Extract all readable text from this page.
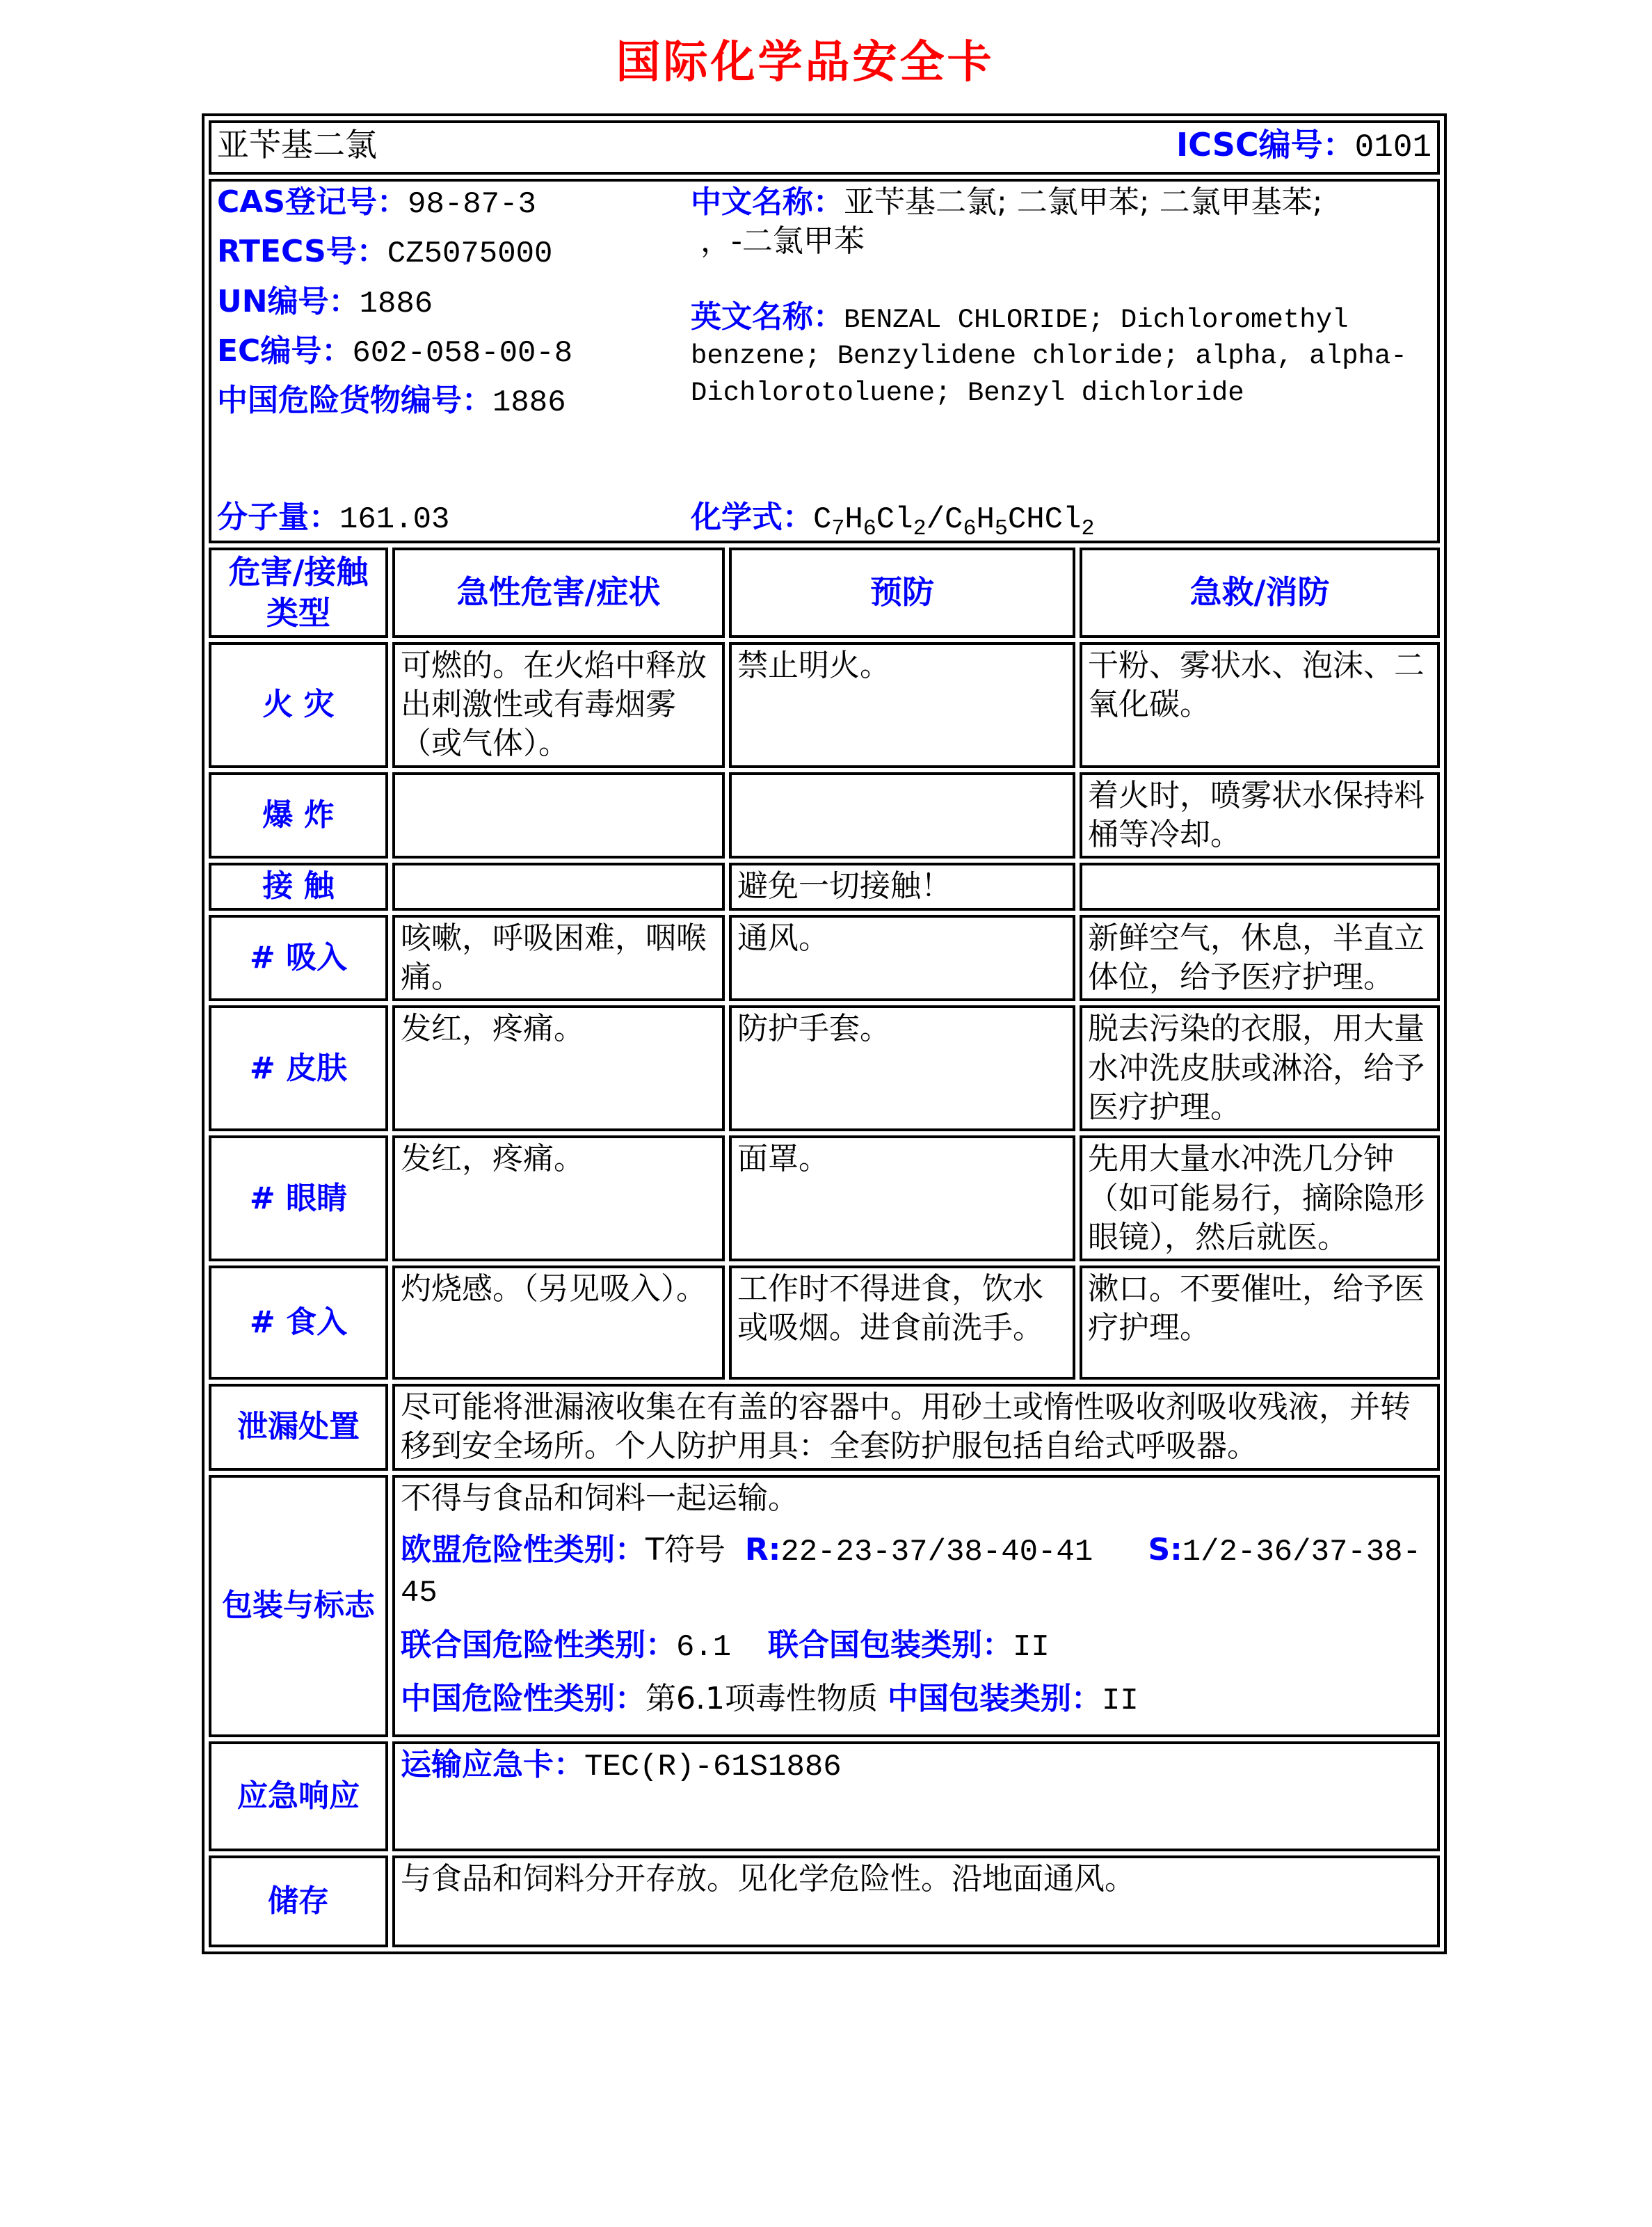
国际化学品安全卡
亚苄基二氯 ICSC编号：0101			

CAS登记号：98-87-3
RTECS号：CZ5075000
UN编号：1886
EC编号：602-058-00-8
中国危险货物编号：1886
分子量：161.03
中文名称：亚苄基二氯; 二氯甲苯; 二氯甲基苯;
，-二氯甲苯
英文名称：BENZAL CHLORIDE; Dichloromethyl
benzene; Benzylidene chloride; alpha, alpha-
Dichlorotoluene; Benzyl dichloride
化学式：$C_7H_6Cl_2/C_6H_5CHCl_2$

危害/接触
类型	急性危害/症状	预防	急救/消防
火 灾	可燃的。在火焰中释放出刺激性或有毒烟雾（或气体）。	禁止明火。	干粉、雾状水、泡沫、二氧化碳。
爆 炸			着火时，喷雾状水保持料桶等冷却。
接 触		避免一切接触！	
# 吸入	咳嗽，呼吸困难，咽喉痛。	通风。	新鲜空气，休息，半直立体位，给予医疗护理。
# 皮肤	发红，疼痛。	防护手套。	脱去污染的衣服，用大量水冲洗皮肤或淋浴，给予医疗护理。
# 眼睛	发红，疼痛。	面罩。	先用大量水冲洗几分钟（如可能易行，摘除隐形眼镜），然后就医。
# 食入	灼烧感。（另见吸入）。	工作时不得进食，饮水或吸烟。进食前洗手。	漱口。不要催吐，给予医疗护理。
泄漏处置	尽可能将泄漏液收集在有盖的容器中。用砂土或惰性吸收剂吸收残液，并转移到安全场所。个人防护用具：全套防护服包括自给式呼吸器。		
包装与标志	不得与食品和饲料一起运输。
欧盟危险性类别：T符号  R:22-23-37/38-40-41   S:1/2-36/37-38-45
联合国危险性类别：6.1  联合国包装类别：II
中国危险性类别：第6.1项毒性物质 中国包装类别：II		

应急响应	运输应急卡：TEC(R)-61S1886		
储存	与食品和饲料分开存放。见化学危险性。沿地面通风。		
